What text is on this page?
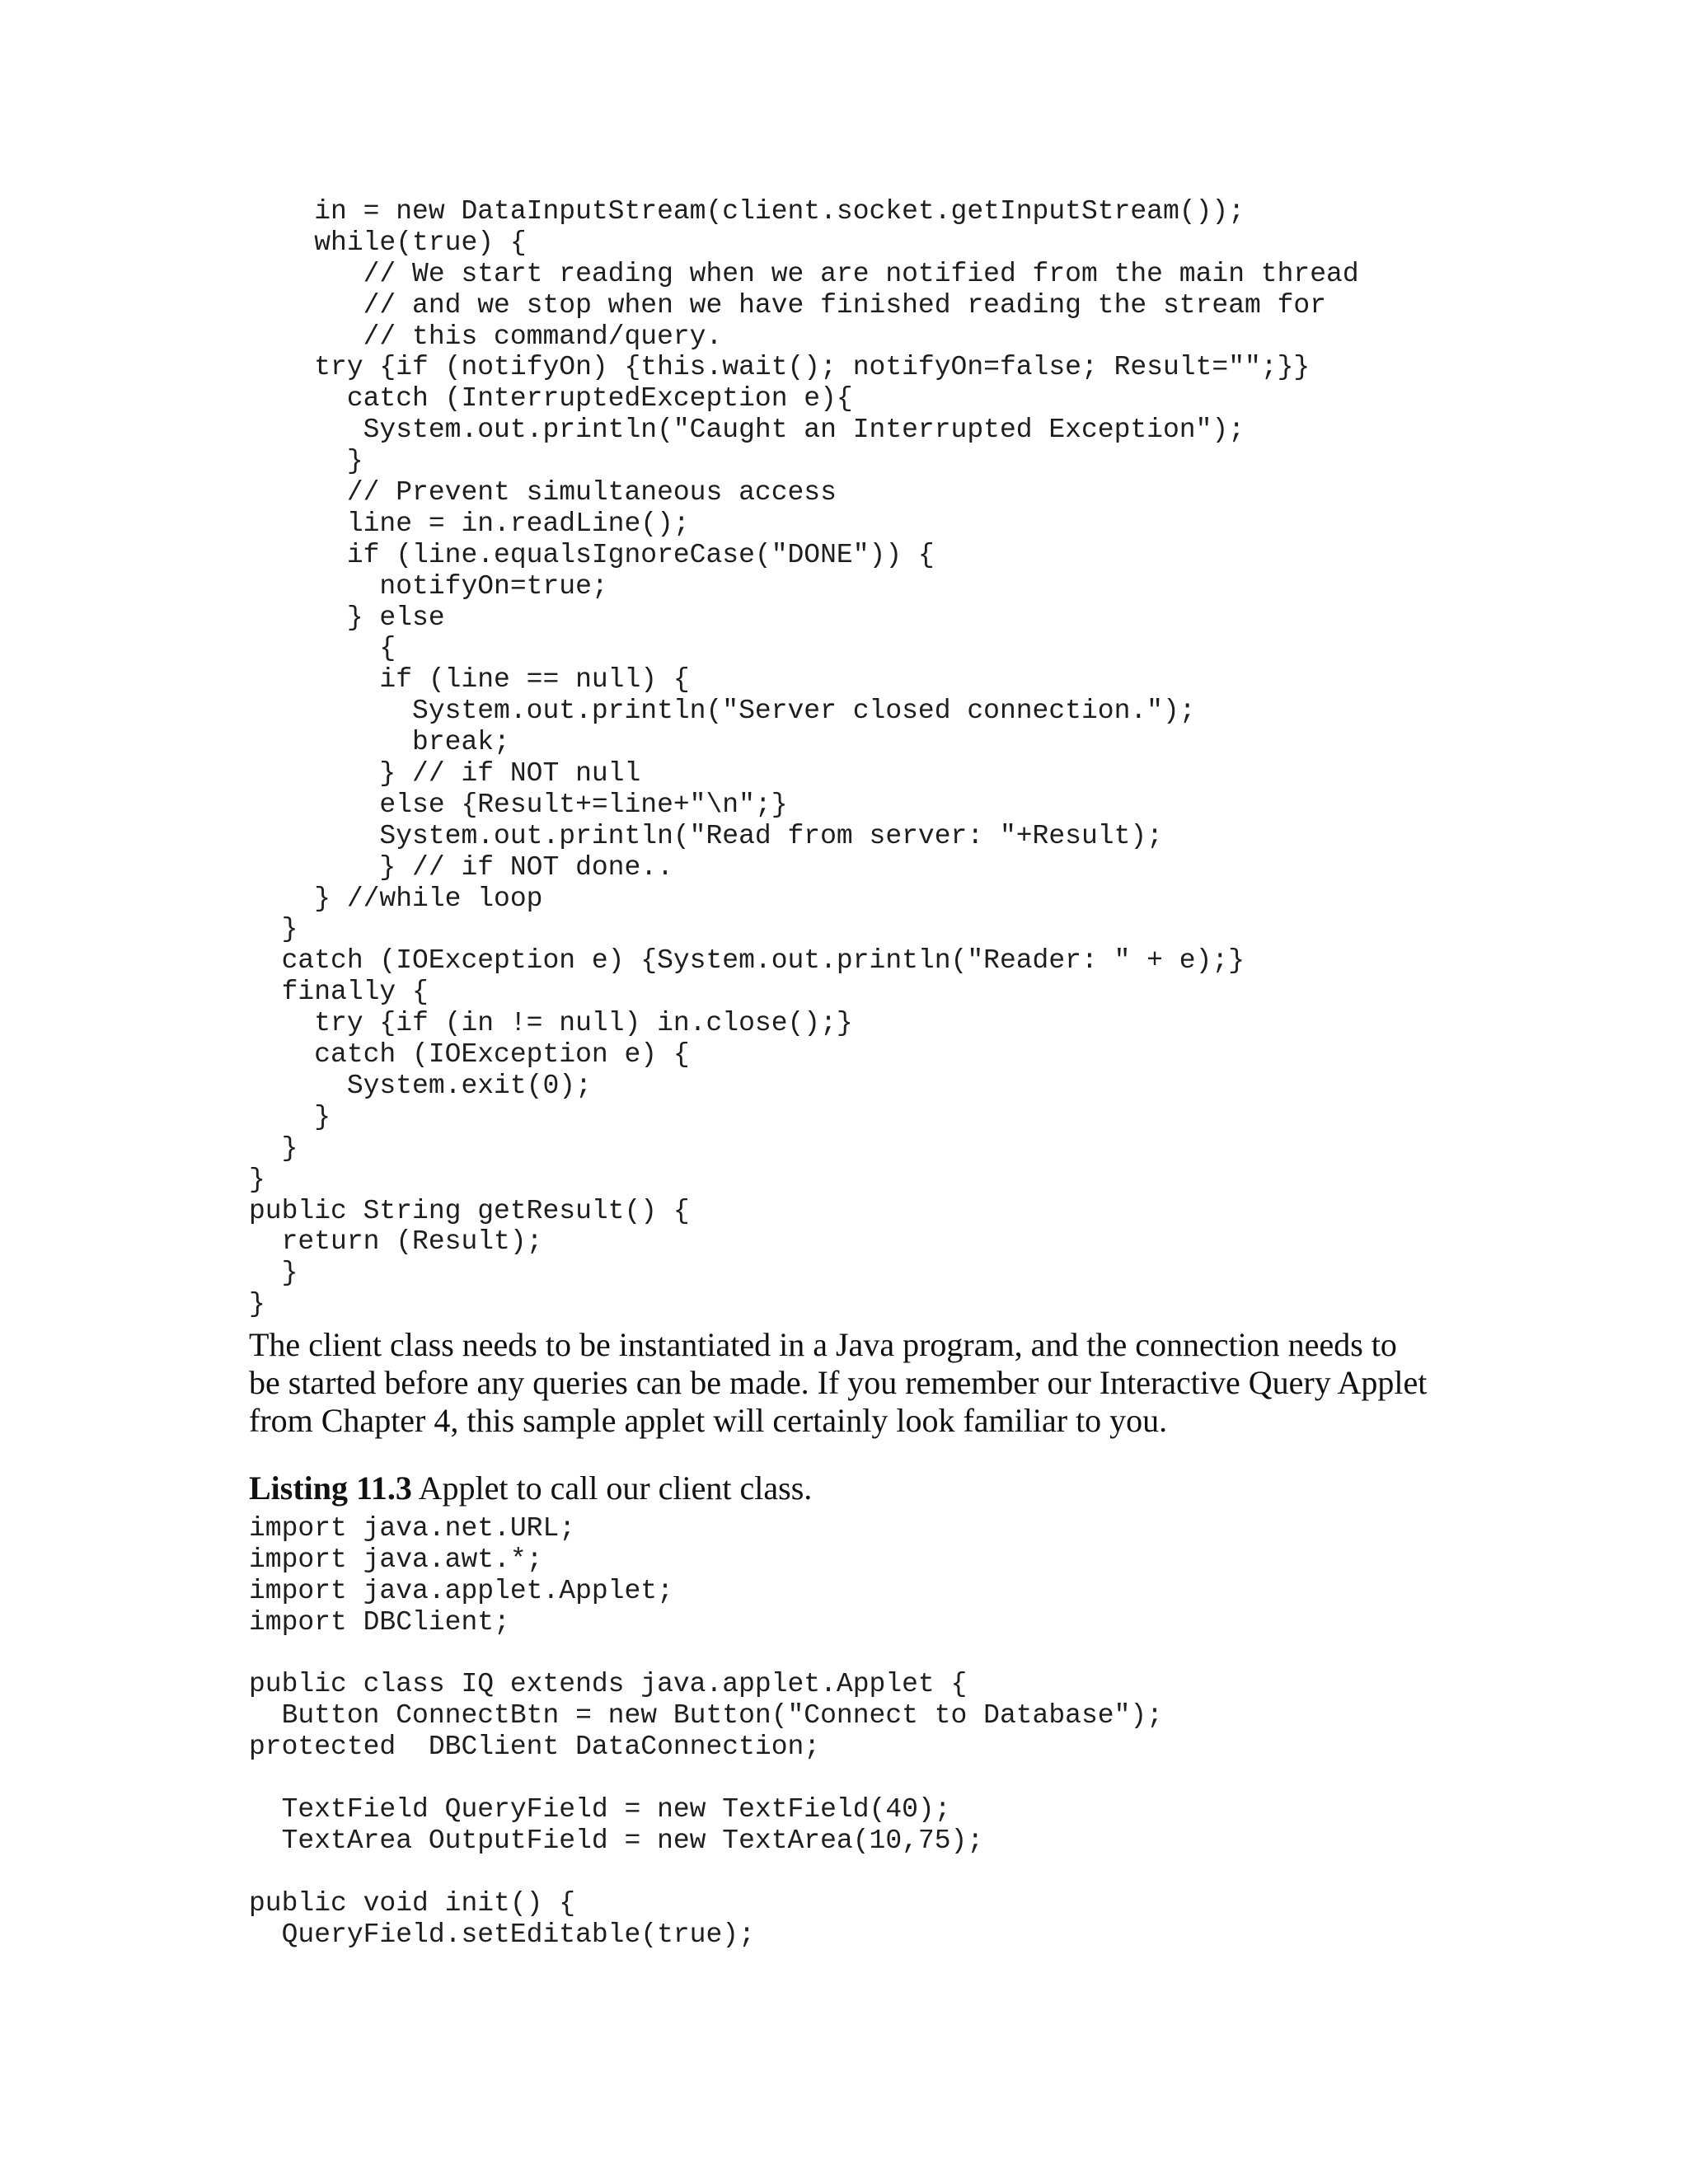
in = new DataInputStream(client.socket.getInputStream());
while(true) {
// We start reading when we are notified from the main thread
// and we stop when we have finished reading the stream for
// this command/query.
try {if (notifyOn) {this.wait(); notifyOn=false; Result="";}}
catch (InterruptedException e){
System.out.println("Caught an Interrupted Exception");
}
// Prevent simultaneous access
line = in.readLine();
if (line.equalsIgnoreCase("DONE")) {
notifyOn=true;
} else
{
if (line == null) {
System.out.println("Server closed connection.");
break;
} // if NOT null
else {Result+=line+"\n";}
System.out.println("Read from server: "+Result);
} // if NOT done..
} //while loop
}
catch (IOException e) {System.out.println("Reader: " + e);}
finally {
try {if (in != null) in.close();}
catch (IOException e) {
System.exit(0);
}
}
}
public String getResult() {
return (Result);
}
}

The client class needs to be instantiated in a Java program, and the connection needs to
be started before any queries can be made. If you remember our Interactive Query Applet
from Chapter 4, this sample applet will certainly look familiar to you.

Listing 11.3 Applet to call our client class.

import java.net.URL;
import java.awt.*;
import java.applet.Applet;
import DBClient;
public class IQ extends java.applet.Applet {
Button ConnectBtn = new Button("Connect to Database");
protected  DBClient DataConnection;
TextField QueryField = new TextField(40);
TextArea OutputField = new TextArea(10,75);
public void init() {
QueryField.setEditable(true);
